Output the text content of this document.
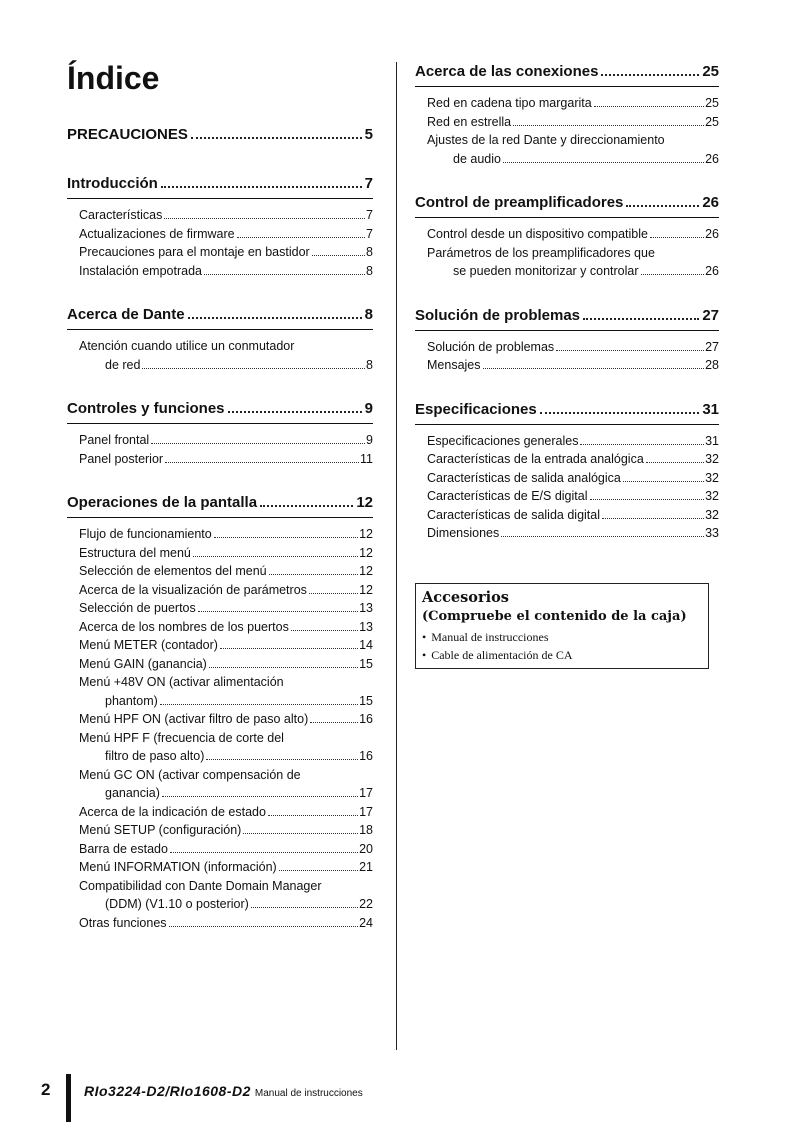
Índice
PRECAUCIONES	5
Introducción	7
Características	7
Actualizaciones de firmware	7
Precauciones para el montaje en bastidor	8
Instalación empotrada	8
Acerca de Dante	8
Atención cuando utilice un conmutador
de red	8
Controles y funciones	9
Panel frontal	9
Panel posterior	11
Operaciones de la pantalla	12
Flujo de funcionamiento	12
Estructura del menú	12
Selección de elementos del menú	12
Acerca de la visualización de parámetros	12
Selección de puertos	13
Acerca de los nombres de los puertos	13
Menú METER (contador)	14
Menú GAIN (ganancia)	15
Menú +48V ON (activar alimentación
phantom)	15
Menú HPF ON (activar filtro de paso alto)	16
Menú HPF F (frecuencia de corte del
filtro de paso alto)	16
Menú GC ON (activar compensación de
ganancia)	17
Acerca de la indicación de estado	17
Menú SETUP (configuración)	18
Barra de estado	20
Menú INFORMATION (información)	21
Compatibilidad con Dante Domain Manager
(DDM) (V1.10 o posterior)	22
Otras funciones	24
Acerca de las conexiones	25
Red en cadena tipo margarita	25
Red en estrella	25
Ajustes de la red Dante y direccionamiento
de audio	26
Control de preamplificadores	26
Control desde un dispositivo compatible	26
Parámetros de los preamplificadores que
se pueden monitorizar y controlar	26
Solución de problemas	27
Solución de problemas	27
Mensajes	28
Especificaciones	31
Especificaciones generales	31
Características de la entrada analógica	32
Características de salida analógica	32
Características de E/S digital	32
Características de salida digital	32
Dimensiones	33
Accesorios
(Compruebe el contenido de la caja)
• Manual de instrucciones
• Cable de alimentación de CA
2 RIo3224-D2/RIo1608-D2 Manual de instrucciones
